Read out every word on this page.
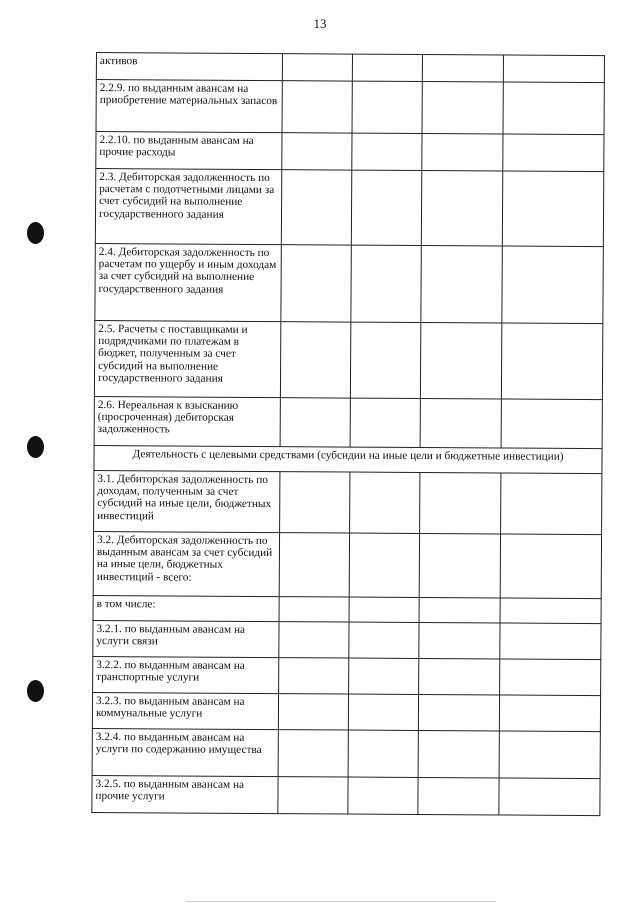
13
активов				
2.2.9. по выданным авансам на приобретение материальных запасов				
2.2.10. по выданным авансам на прочие расходы				
2.3. Дебиторская задолженность по расчетам с подотчетными лицами за счет субсидий на выполнение государственного задания				
2.4. Дебиторская задолженность по расчетам по ущербу и иным доходам за счет субсидий на выполнение государственного задания				
2.5. Расчеты с поставщиками и подрядчиками по платежам в бюджет, полученным за счет субсидий на выполнение государственного задания				
2.6. Нереальная к взысканию (просроченная) дебиторская задолженность				
Деятельность с целевыми средствами (субсидии на иные цели и бюджетные инвестиции)				
3.1. Дебиторская задолженность по доходам, полученным за счет субсидий на иные цели, бюджетных инвестиций				
3.2. Дебиторская задолженность по выданным авансам за счет субсидий на иные цели, бюджетных инвестиций - всего:				
в том числе:				
3.2.1. по выданным авансам на услуги связи				
3.2.2. по выданным авансам на транспортные услуги				
3.2.3. по выданным авансам на коммунальные услуги				
3.2.4. по выданным авансам на услуги по содержанию имущества				
3.2.5. по выданным авансам на прочие услуги				
